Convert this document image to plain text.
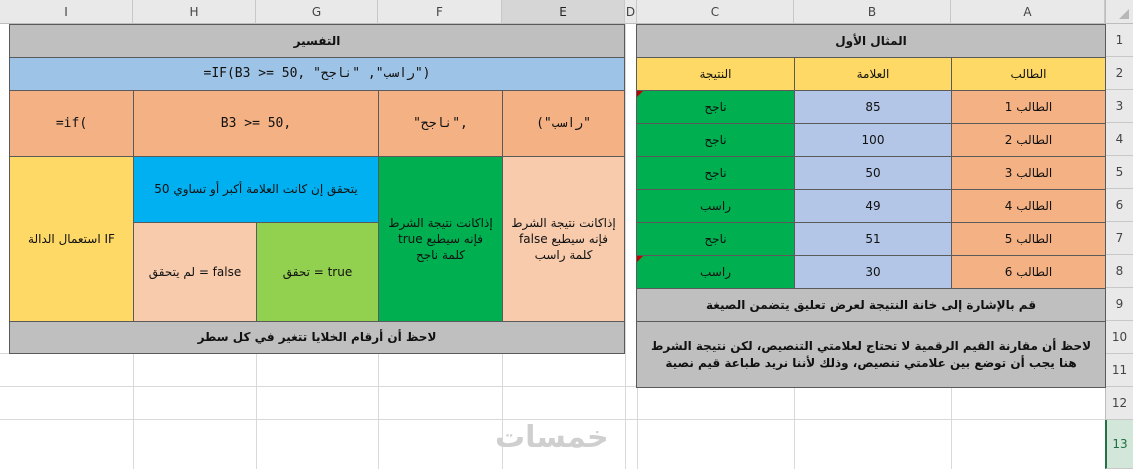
I	H	G	F	E	D	C	B	A
1
2
3
4
5
6
7
8
9
10
11
12
13
التفسير
=IF(B3 >= 50, "راسب", "ناجح")
=if(	B3 >= 50,	"ناجح",	("راسب"
استعمال الدالة IF
يتحقق إن كانت العلامة أكبر أو تساوي 50
لم يتحقق = false	تحقق = true
إذاكانت نتيجة الشرط true فإنه سيطبع كلمة ناجح
إذاكانت نتيجة الشرط false فإنه سيطبع كلمة راسب
لاحظ أن أرقام الخلايا تتغير في كل سطر
المثال الأول
النتيجة	العلامة	الطالب
ناجح	85	الطالب 1
ناجح	100	الطالب 2
ناجح	50	الطالب 3
راسب	49	الطالب 4
ناجح	51	الطالب 5
راسب	30	الطالب 6
قم بالإشارة إلى خانة النتيجة لعرض تعليق يتضمن الصيغة
لاحظ أن مقارنة القيم الرقمية لا تحتاج لعلامتي التنصيص، لكن نتيجة الشرط هنا يجب أن توضع بين علامتي تنصيص، وذلك لأننا نريد طباعة قيم نصية
خمسات
